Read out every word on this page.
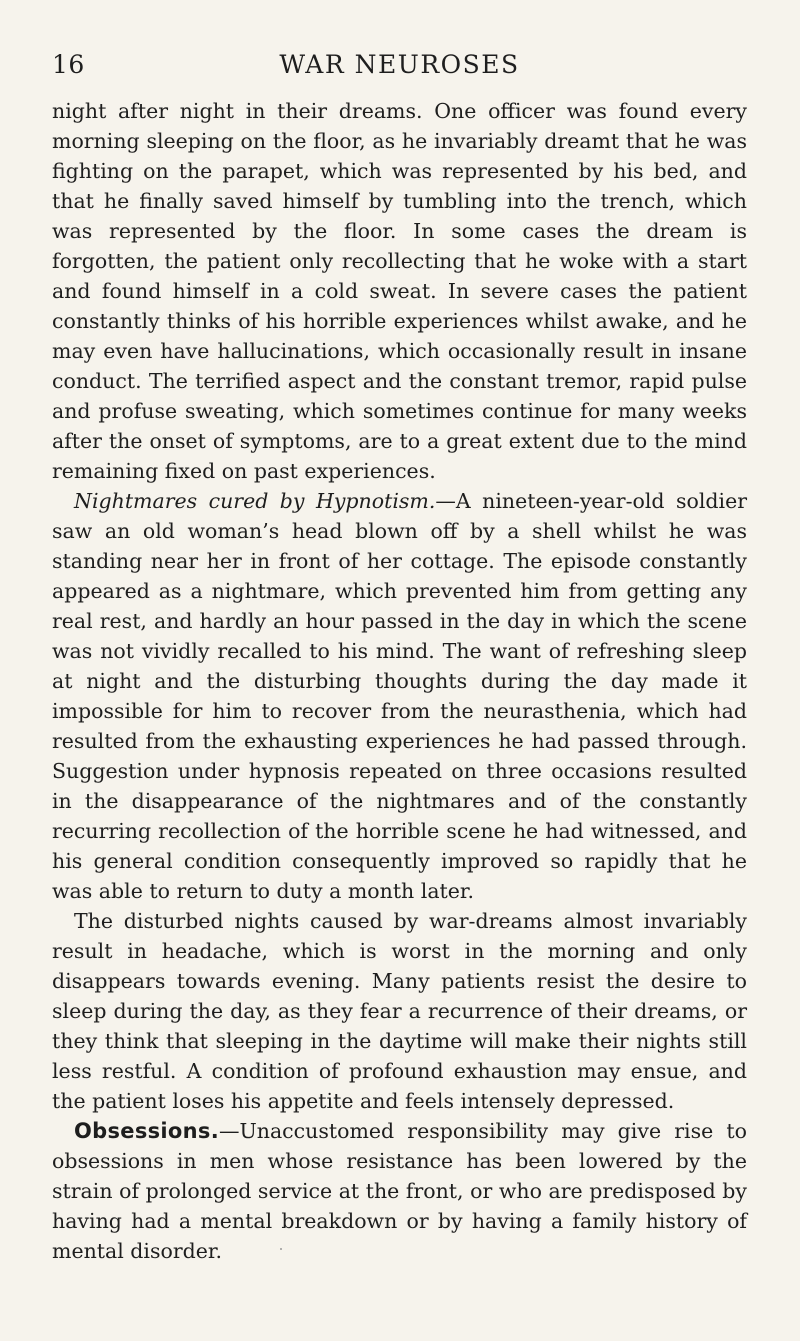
16	WAR NEUROSES

night after night in their dreams. One officer was found every morning sleeping on the floor, as he invariably dreamt that he was fighting on the parapet, which was represented by his bed, and that he finally saved himself by tumbling into the trench, which was represented by the floor. In some cases the dream is forgotten, the patient only recollecting that he woke with a start and found himself in a cold sweat. In severe cases the patient constantly thinks of his horrible experiences whilst awake, and he may even have hallucinations, which occasionally result in insane conduct. The terrified aspect and the constant tremor, rapid pulse and profuse sweating, which sometimes continue for many weeks after the onset of symptoms, are to a great extent due to the mind remaining fixed on past experiences.

Nightmares cured by Hypnotism.—A nineteen-year-old soldier saw an old woman’s head blown off by a shell whilst he was standing near her in front of her cottage. The episode constantly appeared as a nightmare, which prevented him from getting any real rest, and hardly an hour passed in the day in which the scene was not vividly recalled to his mind. The want of refreshing sleep at night and the disturbing thoughts during the day made it impossible for him to recover from the neurasthenia, which had resulted from the exhausting experiences he had passed through. Suggestion under hypnosis repeated on three occasions resulted in the disappearance of the nightmares and of the constantly recurring recollection of the horrible scene he had witnessed, and his general condition consequently improved so rapidly that he was able to return to duty a month later.

The disturbed nights caused by war-dreams almost invariably result in headache, which is worst in the morning and only disappears towards evening. Many patients resist the desire to sleep during the day, as they fear a recurrence of their dreams, or they think that sleeping in the daytime will make their nights still less restful. A condition of profound exhaustion may ensue, and the patient loses his appetite and feels intensely depressed.

Obsessions.—Unaccustomed responsibility may give rise to obsessions in men whose resistance has been lowered by the strain of prolonged service at the front, or who are predisposed by having had a mental breakdown or by having a family history of mental disorder.
